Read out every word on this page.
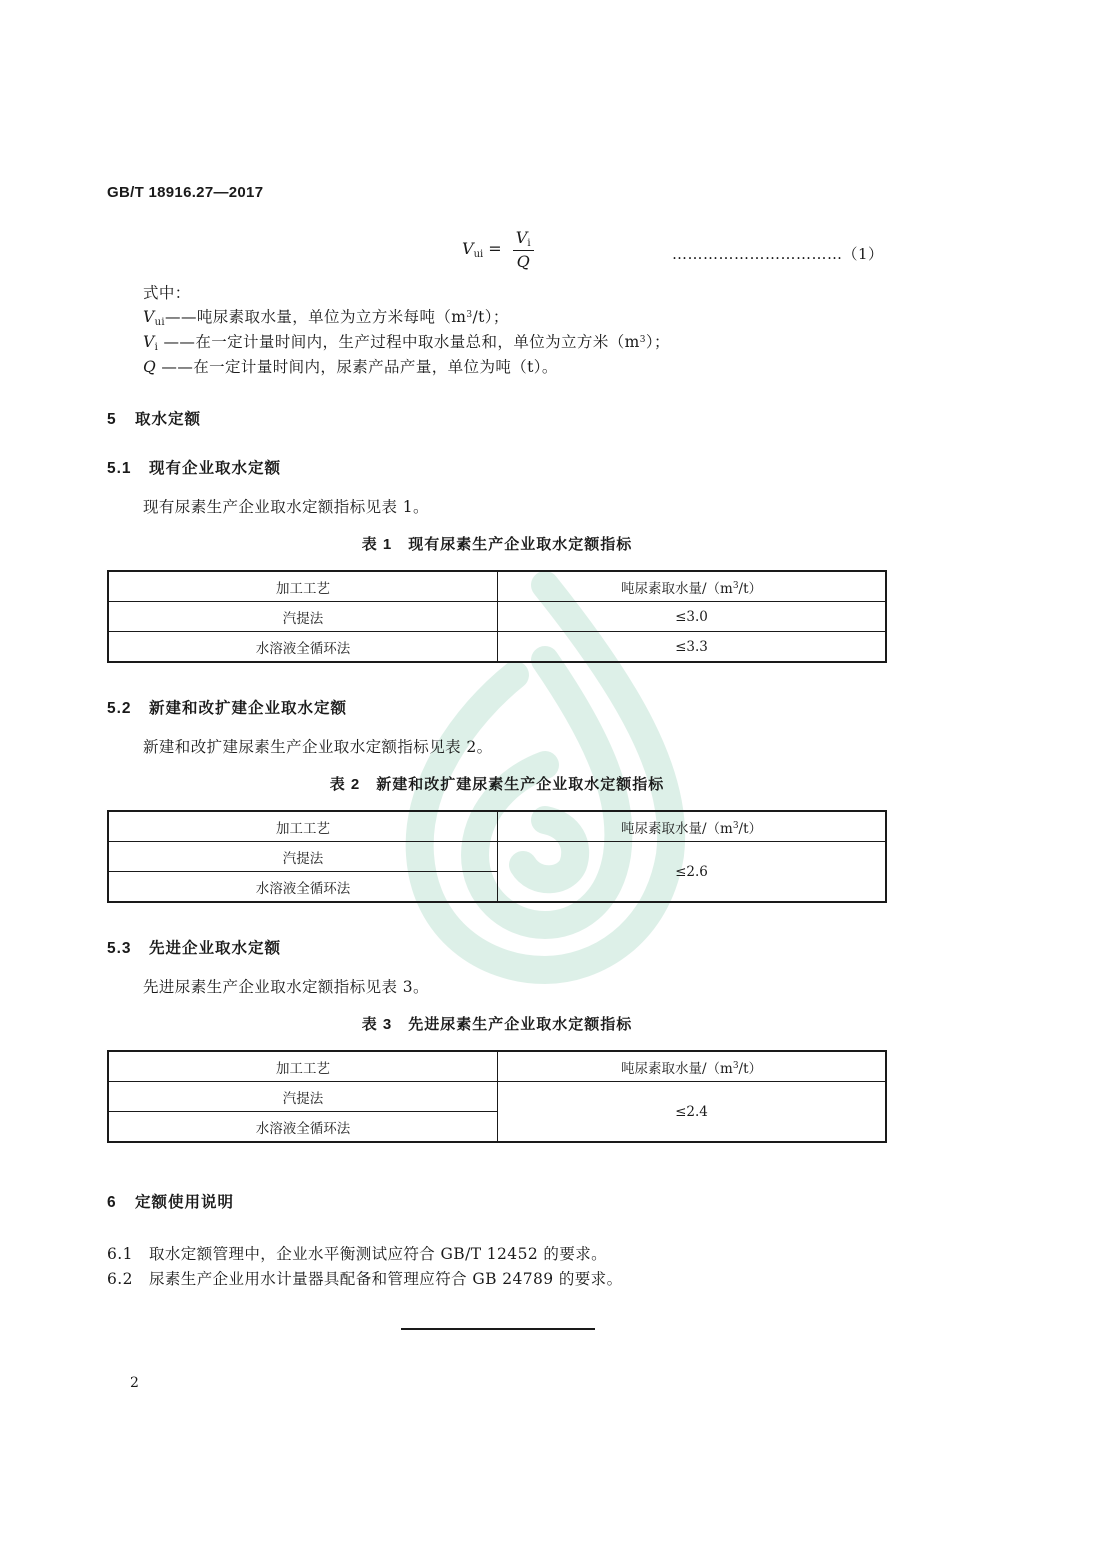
GB/T 18916.27—2017
$V_{ui} = \frac{V_i}{Q}$	……………………………（1）
式中：
Vui——吨尿素取水量，单位为立方米每吨$(m^3/t)$；
Vi ——在一定计量时间内，生产过程中取水量总和，单位为立方米$(m^3)$；
Q ——在一定计量时间内，尿素产品产量，单位为吨（t）。
5 取水定额
5.1 现有企业取水定额
现有尿素生产企业取水定额指标见表 1。
表 1　现有尿素生产企业取水定额指标
加工工艺	吨尿素取水量$/(m^3/t)$
汽提法	≤3.0
水溶液全循环法	≤3.3
5.2 新建和改扩建企业取水定额
新建和改扩建尿素生产企业取水定额指标见表 2。
表 2　新建和改扩建尿素生产企业取水定额指标
加工工艺	吨尿素取水量$/(m^3/t)$
汽提法	≤2.6
水溶液全循环法	
5.3 先进企业取水定额
先进尿素生产企业取水定额指标见表 3。
表 3　先进尿素生产企业取水定额指标
加工工艺	吨尿素取水量$/(m^3/t)$
汽提法	≤2.4
水溶液全循环法	
6 定额使用说明
6.1 取水定额管理中，企业水平衡测试应符合 GB/T 12452 的要求。
6.2 尿素生产企业用水计量器具配备和管理应符合 GB 24789 的要求。
2
